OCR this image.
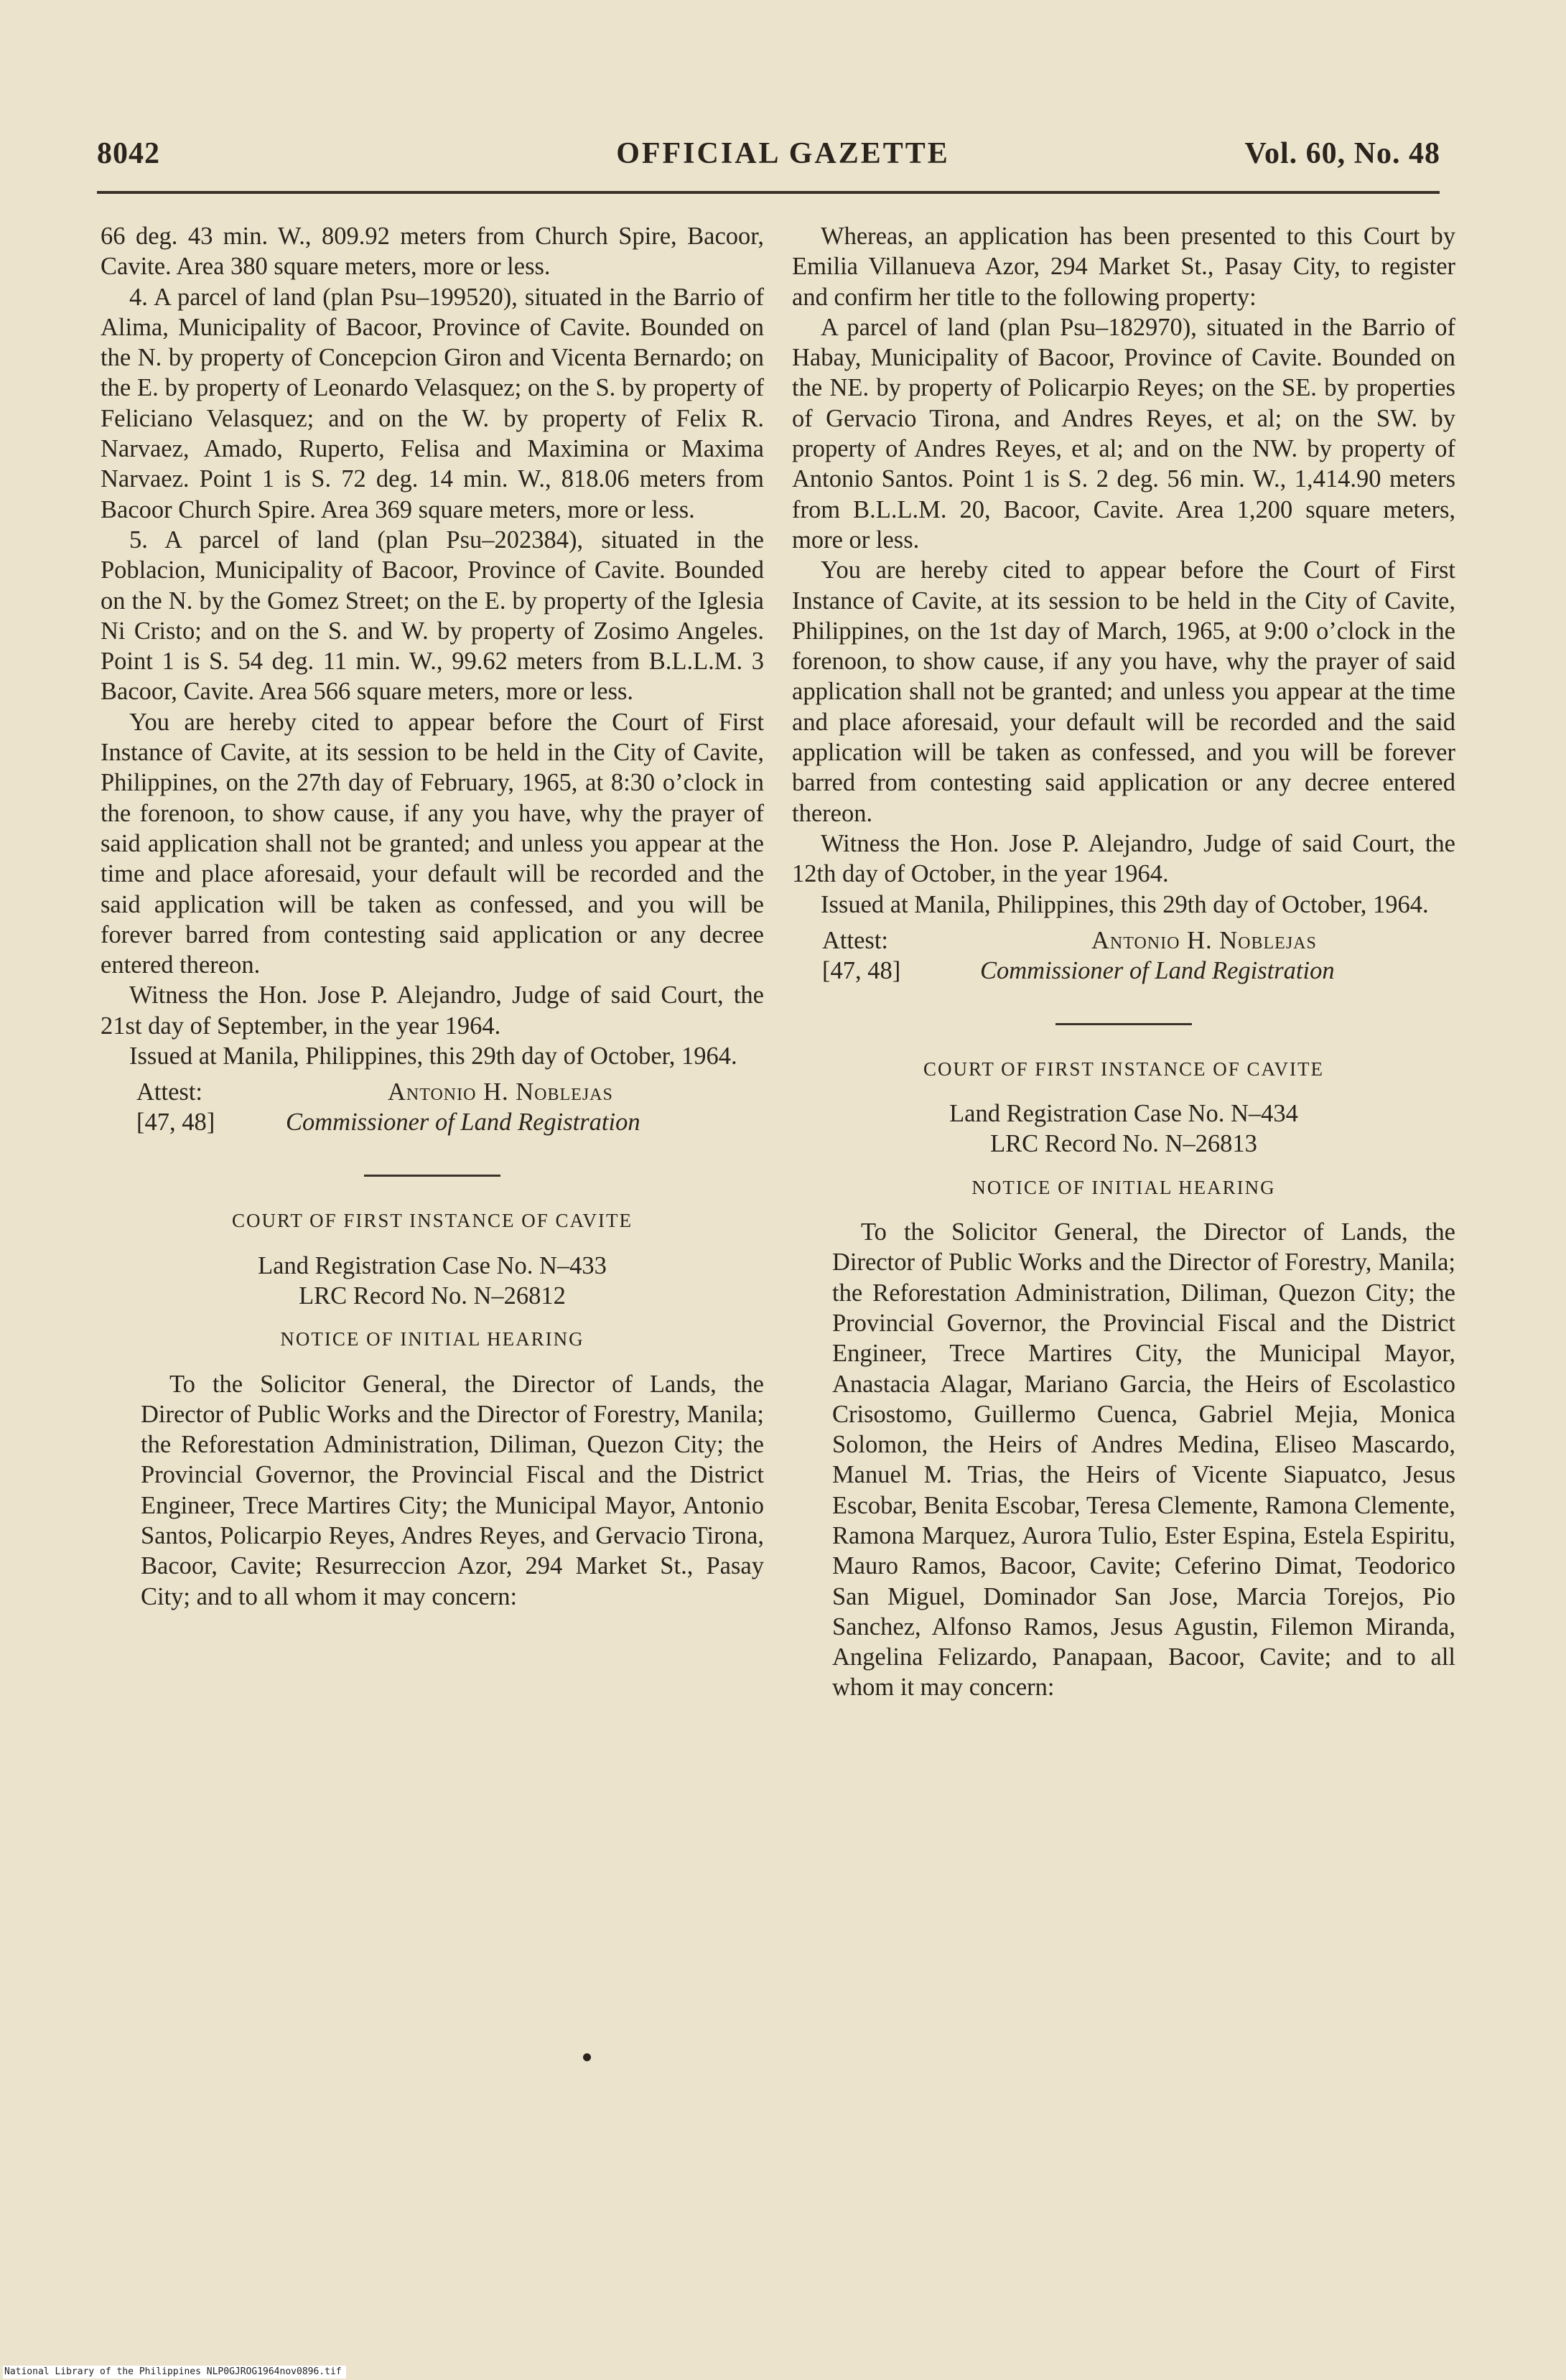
8042	OFFICIAL GAZETTE	Vol. 60, No. 48

66 deg. 43 min. W., 809.92 meters from Church Spire, Bacoor, Cavite. Area 380 square meters, more or less.

4. A parcel of land (plan Psu–199520), situated in the Barrio of Alima, Municipality of Bacoor, Province of Cavite. Bounded on the N. by property of Concepcion Giron and Vicenta Bernardo; on the E. by property of Leonardo Velasquez; on the S. by property of Feliciano Velasquez; and on the W. by property of Felix R. Narvaez, Amado, Ruperto, Felisa and Maximina or Maxima Narvaez. Point 1 is S. 72 deg. 14 min. W., 818.06 meters from Bacoor Church Spire. Area 369 square meters, more or less.

5. A parcel of land (plan Psu–202384), situated in the Poblacion, Municipality of Bacoor, Province of Cavite. Bounded on the N. by the Gomez Street; on the E. by property of the Iglesia Ni Cristo; and on the S. and W. by property of Zosimo Angeles. Point 1 is S. 54 deg. 11 min. W., 99.62 meters from B.L.L.M. 3 Bacoor, Cavite. Area 566 square meters, more or less.

You are hereby cited to appear before the Court of First Instance of Cavite, at its session to be held in the City of Cavite, Philippines, on the 27th day of February, 1965, at 8:30 o’clock in the forenoon, to show cause, if any you have, why the prayer of said application shall not be granted; and unless you appear at the time and place aforesaid, your default will be recorded and the said application will be taken as confessed, and you will be forever barred from contesting said application or any decree entered thereon.

Witness the Hon. Jose P. Alejandro, Judge of said Court, the 21st day of September, in the year 1964.

Issued at Manila, Philippines, this 29th day of October, 1964.

Attest:
[47, 48]
Antonio H. Noblejas
Commissioner of Land Registration
COURT OF FIRST INSTANCE OF CAVITE
Land Registration Case No. N–433
LRC Record No. N–26812
NOTICE OF INITIAL HEARING

To the Solicitor General, the Director of Lands, the Director of Public Works and the Director of Forestry, Manila; the Reforestation Administration, Diliman, Quezon City; the Provincial Governor, the Provincial Fiscal and the District Engineer, Trece Martires City; the Municipal Mayor, Antonio Santos, Policarpio Reyes, Andres Reyes, and Gervacio Tirona, Bacoor, Cavite; Resurreccion Azor, 294 Market St., Pasay City; and to all whom it may concern:

Whereas, an application has been presented to this Court by Emilia Villanueva Azor, 294 Market St., Pasay City, to register and confirm her title to the following property:

A parcel of land (plan Psu–182970), situated in the Barrio of Habay, Municipality of Bacoor, Province of Cavite. Bounded on the NE. by property of Policarpio Reyes; on the SE. by properties of Gervacio Tirona, and Andres Reyes, et al; on the SW. by property of Andres Reyes, et al; and on the NW. by property of Antonio Santos. Point 1 is S. 2 deg. 56 min. W., 1,414.90 meters from B.L.L.M. 20, Bacoor, Cavite. Area 1,200 square meters, more or less.

You are hereby cited to appear before the Court of First Instance of Cavite, at its session to be held in the City of Cavite, Philippines, on the 1st day of March, 1965, at 9:00 o’clock in the forenoon, to show cause, if any you have, why the prayer of said application shall not be granted; and unless you appear at the time and place aforesaid, your default will be recorded and the said application will be taken as confessed, and you will be forever barred from contesting said application or any decree entered thereon.

Witness the Hon. Jose P. Alejandro, Judge of said Court, the 12th day of October, in the year 1964.

Issued at Manila, Philippines, this 29th day of October, 1964.

Attest:
[47, 48]
Antonio H. Noblejas
Commissioner of Land Registration
COURT OF FIRST INSTANCE OF CAVITE
Land Registration Case No. N–434
LRC Record No. N–26813
NOTICE OF INITIAL HEARING

To the Solicitor General, the Director of Lands, the Director of Public Works and the Director of Forestry, Manila; the Reforestation Administration, Diliman, Quezon City; the Provincial Governor, the Provincial Fiscal and the District Engineer, Trece Martires City, the Municipal Mayor, Anastacia Alagar, Mariano Garcia, the Heirs of Escolastico Crisostomo, Guillermo Cuenca, Gabriel Mejia, Monica Solomon, the Heirs of Andres Medina, Eliseo Mascardo, Manuel M. Trias, the Heirs of Vicente Siapuatco, Jesus Escobar, Benita Escobar, Teresa Clemente, Ramona Clemente, Ramona Marquez, Aurora Tulio, Ester Espina, Estela Espiritu, Mauro Ramos, Bacoor, Cavite; Ceferino Dimat, Teodorico San Miguel, Dominador San Jose, Marcia Torejos, Pio Sanchez, Alfonso Ramos, Jesus Agustin, Filemon Miranda, Angelina Felizardo, Panapaan, Bacoor, Cavite; and to all whom it may concern:

National Library of the Philippines NLP0GJROG1964nov0896.tif
